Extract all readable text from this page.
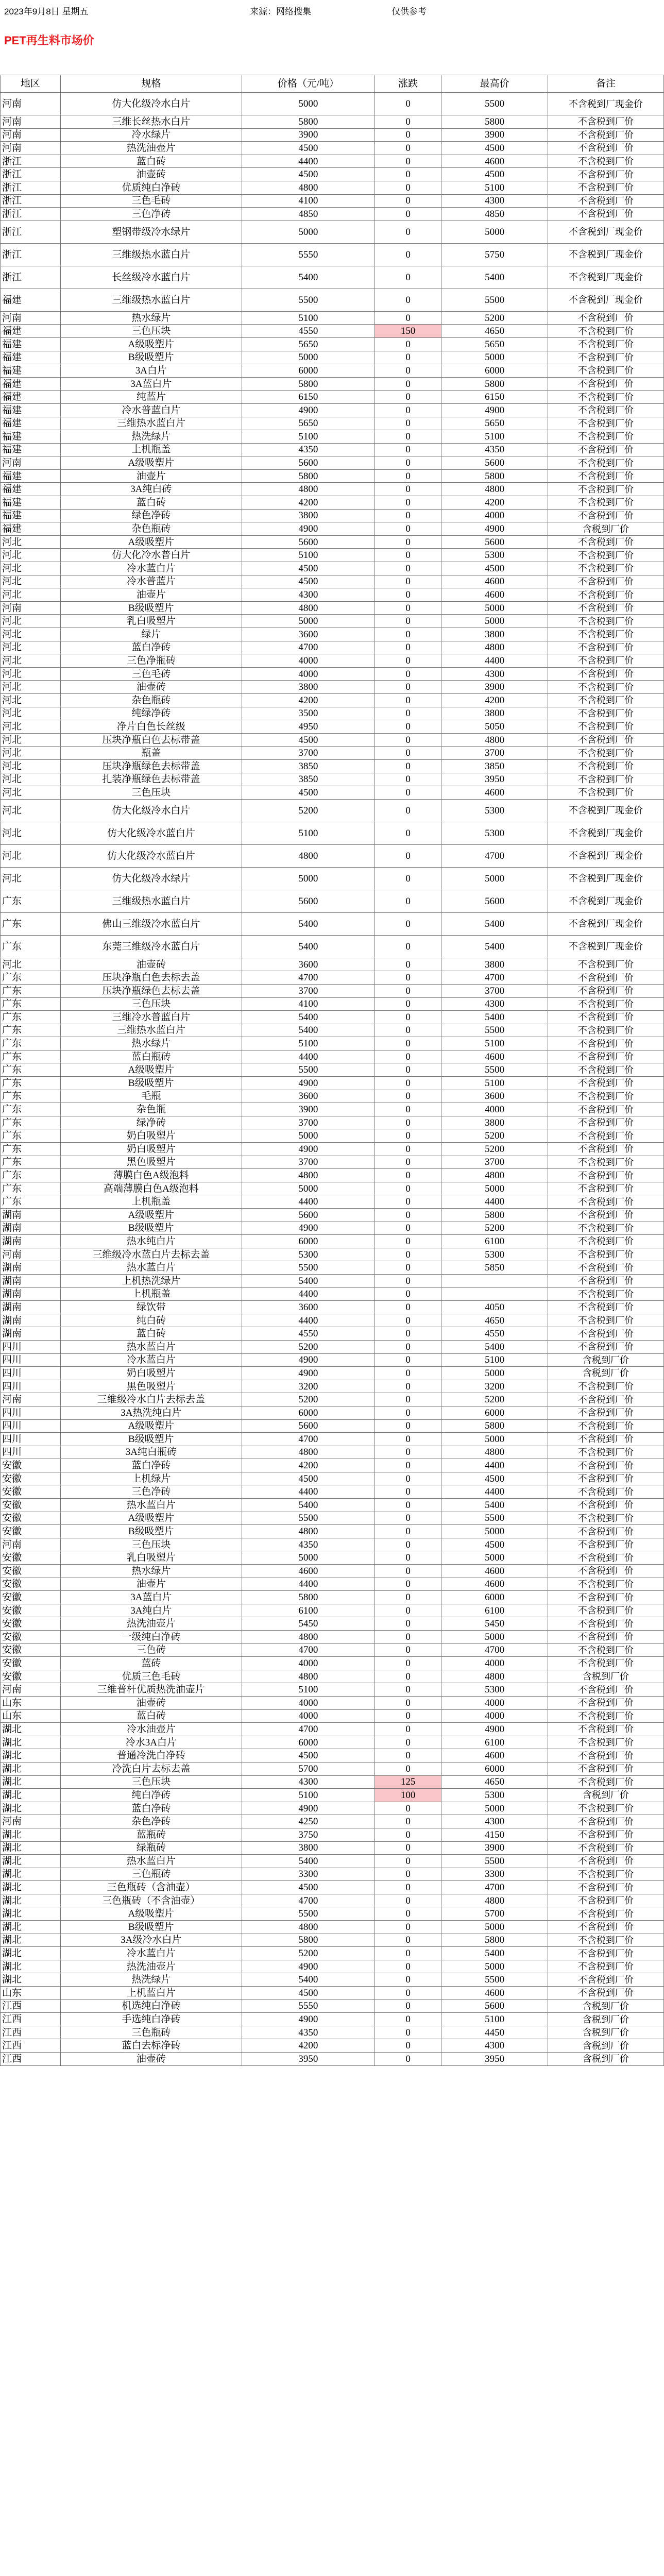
2023年9月8日 星期五	来源：网络搜集	仅供参考
PET再生料市场价
地区	规格	价格（元/吨）	涨跌	最高价	备注
河南	仿大化级冷水白片	5000	0	5500	不含税到厂现金价
河南	三维长丝热水白片	5800	0	5800	不含税到厂价
河南	冷水绿片	3900	0	3900	不含税到厂价
河南	热洗油壶片	4500	0	4500	不含税到厂价
浙江	蓝白砖	4400	0	4600	不含税到厂价
浙江	油壶砖	4500	0	4500	不含税到厂价
浙江	优质纯白净砖	4800	0	5100	不含税到厂价
浙江	三色毛砖	4100	0	4300	不含税到厂价
浙江	三色净砖	4850	0	4850	不含税到厂价
浙江	塑钢带级冷水绿片	5000	0	5000	不含税到厂现金价
浙江	三维级热水蓝白片	5550	0	5750	不含税到厂现金价
浙江	长丝级冷水蓝白片	5400	0	5400	不含税到厂现金价
福建	三维级热水蓝白片	5500	0	5500	不含税到厂现金价
河南	热水绿片	5100	0	5200	不含税到厂价
福建	三色压块	4550	150	4650	不含税到厂价
福建	A级吸塑片	5650	0	5650	不含税到厂价
福建	B级吸塑片	5000	0	5000	不含税到厂价
福建	3A白片	6000	0	6000	不含税到厂价
福建	3A蓝白片	5800	0	5800	不含税到厂价
福建	纯蓝片	6150	0	6150	不含税到厂价
福建	冷水普蓝白片	4900	0	4900	不含税到厂价
福建	三维热水蓝白片	5650	0	5650	不含税到厂价
福建	热洗绿片	5100	0	5100	不含税到厂价
福建	上机瓶盖	4350	0	4350	不含税到厂价
河南	A级吸塑片	5600	0	5600	不含税到厂价
福建	油壶片	5800	0	5800	不含税到厂价
福建	3A纯白砖	4800	0	4800	不含税到厂价
福建	蓝白砖	4200	0	4200	不含税到厂价
福建	绿色净砖	3800	0	4000	不含税到厂价
福建	杂色瓶砖	4900	0	4900	含税到厂价
河北	A级吸塑片	5600	0	5600	不含税到厂价
河北	仿大化冷水普白片	5100	0	5300	不含税到厂价
河北	冷水蓝白片	4500	0	4500	不含税到厂价
河北	冷水普蓝片	4500	0	4600	不含税到厂价
河北	油壶片	4300	0	4600	不含税到厂价
河南	B级吸塑片	4800	0	5000	不含税到厂价
河北	乳白吸塑片	5000	0	5000	不含税到厂价
河北	绿片	3600	0	3800	不含税到厂价
河北	蓝白净砖	4700	0	4800	不含税到厂价
河北	三色净瓶砖	4000	0	4400	不含税到厂价
河北	三色毛砖	4000	0	4300	不含税到厂价
河北	油壶砖	3800	0	3900	不含税到厂价
河北	杂色瓶砖	4200	0	4200	不含税到厂价
河北	纯绿净砖	3500	0	3800	不含税到厂价
河北	净片白色长丝级	4950	0	5050	不含税到厂价
河北	压块净瓶白色去标带盖	4500	0	4800	不含税到厂价
河北	瓶盖	3700	0	3700	不含税到厂价
河北	压块净瓶绿色去标带盖	3850	0	3850	不含税到厂价
河北	扎装净瓶绿色去标带盖	3850	0	3950	不含税到厂价
河北	三色压块	4500	0	4600	不含税到厂价
河北	仿大化级冷水白片	5200	0	5300	不含税到厂现金价
河北	仿大化级冷水蓝白片	5100	0	5300	不含税到厂现金价
河北	仿大化级冷水蓝白片	4800	0	4700	不含税到厂现金价
河北	仿大化级冷水绿片	5000	0	5000	不含税到厂现金价
广东	三维级热水蓝白片	5600	0	5600	不含税到厂现金价
广东	佛山三维级冷水蓝白片	5400	0	5400	不含税到厂现金价
广东	东莞三维级冷水蓝白片	5400	0	5400	不含税到厂现金价
河北	油壶砖	3600	0	3800	不含税到厂价
广东	压块净瓶白色去标去盖	4700	0	4700	不含税到厂价
广东	压块净瓶绿色去标去盖	3700	0	3700	不含税到厂价
广东	三色压块	4100	0	4300	不含税到厂价
广东	三维冷水普蓝白片	5400	0	5400	不含税到厂价
广东	三维热水蓝白片	5400	0	5500	不含税到厂价
广东	热水绿片	5100	0	5100	不含税到厂价
广东	蓝白瓶砖	4400	0	4600	不含税到厂价
广东	A级吸塑片	5500	0	5500	不含税到厂价
广东	B级吸塑片	4900	0	5100	不含税到厂价
广东	毛瓶	3600	0	3600	不含税到厂价
广东	杂色瓶	3900	0	4000	不含税到厂价
广东	绿净砖	3700	0	3800	不含税到厂价
广东	奶白吸塑片	5000	0	5200	不含税到厂价
广东	奶白吸塑片	4900	0	5200	不含税到厂价
广东	黑色吸塑片	3700	0	3700	不含税到厂价
广东	薄膜白色A级泡料	4800	0	4800	不含税到厂价
广东	高端薄膜白色A级泡料	5000	0	5000	不含税到厂价
广东	上机瓶盖	4400	0	4400	不含税到厂价
湖南	A级吸塑片	5600	0	5800	不含税到厂价
湖南	B级吸塑片	4900	0	5200	不含税到厂价
湖南	热水纯白片	6000	0	6100	不含税到厂价
河南	三维级冷水蓝白片去标去盖	5300	0	5300	不含税到厂价
湖南	热水蓝白片	5500	0	5850	不含税到厂价
湖南	上机热洗绿片	5400	0		不含税到厂价
湖南	上机瓶盖	4400	0		不含税到厂价
湖南	绿饮带	3600	0	4050	不含税到厂价
湖南	纯白砖	4400	0	4650	不含税到厂价
湖南	蓝白砖	4550	0	4550	不含税到厂价
四川	热水蓝白片	5200	0	5400	不含税到厂价
四川	冷水蓝白片	4900	0	5100	含税到厂价
四川	奶白吸塑片	4900	0	5000	含税到厂价
四川	黑色吸塑片	3200	0	3200	不含税到厂价
河南	三维级冷水白片去标去盖	5200	0	5200	不含税到厂价
四川	3A热洗纯白片	6000	0	6000	不含税到厂价
四川	A级吸塑片	5600	0	5800	不含税到厂价
四川	B级吸塑片	4700	0	5000	不含税到厂价
四川	3A纯白瓶砖	4800	0	4800	不含税到厂价
安徽	蓝白净砖	4200	0	4400	不含税到厂价
安徽	上机绿片	4500	0	4500	不含税到厂价
安徽	三色净砖	4400	0	4400	不含税到厂价
安徽	热水蓝白片	5400	0	5400	不含税到厂价
安徽	A级吸塑片	5500	0	5500	不含税到厂价
安徽	B级吸塑片	4800	0	5000	不含税到厂价
河南	三色压块	4350	0	4500	不含税到厂价
安徽	乳白吸塑片	5000	0	5000	不含税到厂价
安徽	热水绿片	4600	0	4600	不含税到厂价
安徽	油壶片	4400	0	4600	不含税到厂价
安徽	3A蓝白片	5800	0	6000	不含税到厂价
安徽	3A纯白片	6100	0	6100	不含税到厂价
安徽	热洗油壶片	5450	0	5450	不含税到厂价
安徽	一级纯白净砖	4800	0	5000	不含税到厂价
安徽	三色砖	4700	0	4700	不含税到厂价
安徽	蓝砖	4000	0	4000	不含税到厂价
安徽	优质三色毛砖	4800	0	4800	含税到厂价
河南	三维普杆优质热洗油壶片	5100	0	5300	不含税到厂价
山东	油壶砖	4000	0	4000	不含税到厂价
山东	蓝白砖	4000	0	4000	不含税到厂价
湖北	冷水油壶片	4700	0	4900	不含税到厂价
湖北	冷水3A白片	6000	0	6100	不含税到厂价
湖北	普通冷洗白净砖	4500	0	4600	不含税到厂价
湖北	冷洗白片去标去盖	5700	0	6000	不含税到厂价
湖北	三色压块	4300	125	4650	不含税到厂价
湖北	纯白净砖	5100	100	5300	含税到厂价
湖北	蓝白净砖	4900	0	5000	不含税到厂价
河南	杂色净砖	4250	0	4300	不含税到厂价
湖北	蓝瓶砖	3750	0	4150	不含税到厂价
湖北	绿瓶砖	3800	0	3900	不含税到厂价
湖北	热水蓝白片	5400	0	5500	不含税到厂价
湖北	三色瓶砖	3300	0	3300	不含税到厂价
湖北	三色瓶砖（含油壶）	4500	0	4700	不含税到厂价
湖北	三色瓶砖（不含油壶）	4700	0	4800	不含税到厂价
湖北	A级吸塑片	5500	0	5700	不含税到厂价
湖北	B级吸塑片	4800	0	5000	不含税到厂价
湖北	3A级冷水白片	5800	0	5800	不含税到厂价
湖北	冷水蓝白片	5200	0	5400	不含税到厂价
湖北	热洗油壶片	4900	0	5000	不含税到厂价
湖北	热洗绿片	5400	0	5500	不含税到厂价
山东	上机蓝白片	4500	0	4600	不含税到厂价
江西	机选纯白净砖	5550	0	5600	含税到厂价
江西	手选纯白净砖	4900	0	5100	含税到厂价
江西	三色瓶砖	4350	0	4450	含税到厂价
江西	蓝白去标净砖	4200	0	4300	含税到厂价
江西	油壶砖	3950	0	3950	含税到厂价
